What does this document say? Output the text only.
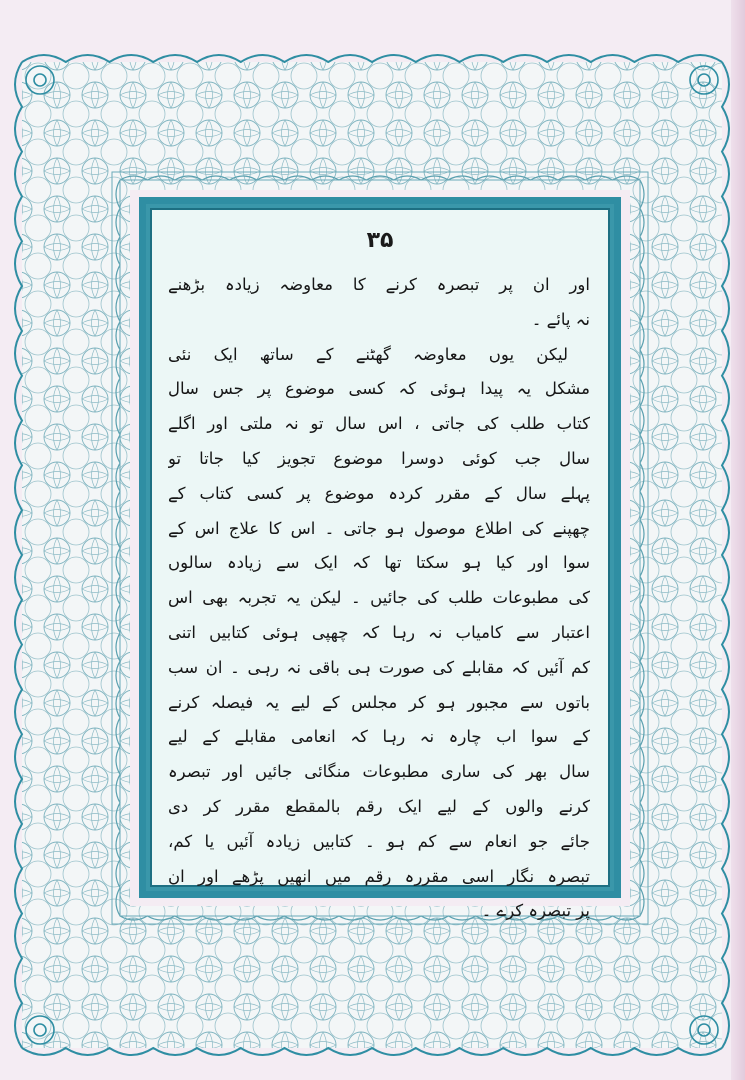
۳۵
اور ان پر تبصرہ کرنے کا معاوضہ زیادہ بڑھنے
نہ پائے ۔
لیکن یوں معاوضہ گھٹنے کے ساتھ ایک نئی
مشکل یہ پیدا ہوئی کہ کسی موضوع پر جس سال
کتاب طلب کی جاتی ، اس سال تو نہ ملتی اور اگلے
سال جب کوئی دوسرا موضوع تجویز کیا جاتا تو
پہلے سال کے مقرر کردہ موضوع پر کسی کتاب کے
چھپنے کی اطلاع موصول ہو جاتی ۔ اس کا علاج اس کے
سوا اور کیا ہو سکتا تھا کہ ایک سے زیادہ سالوں
کی مطبوعات طلب کی جائیں ۔ لیکن یہ تجربہ بھی اس
اعتبار سے کامیاب نہ رہا کہ چھپی ہوئی کتابیں اتنی
کم آئیں کہ مقابلے کی صورت ہی باقی نہ رہی ۔ ان سب
باتوں سے مجبور ہو کر مجلس کے لیے یہ فیصلہ کرنے
کے سوا اب چارہ نہ رہا کہ انعامی مقابلے کے لیے
سال بھر کی ساری مطبوعات منگائی جائیں اور تبصرہ
کرنے والوں کے لیے ایک رقم بالمقطع مقرر کر دی
جائے جو انعام سے کم ہو ۔ کتابیں زیادہ آئیں یا کم،
تبصرہ نگار اسی مقررہ رقم میں انھیں پڑھے اور ان
پر تبصرہ کرے ۔
